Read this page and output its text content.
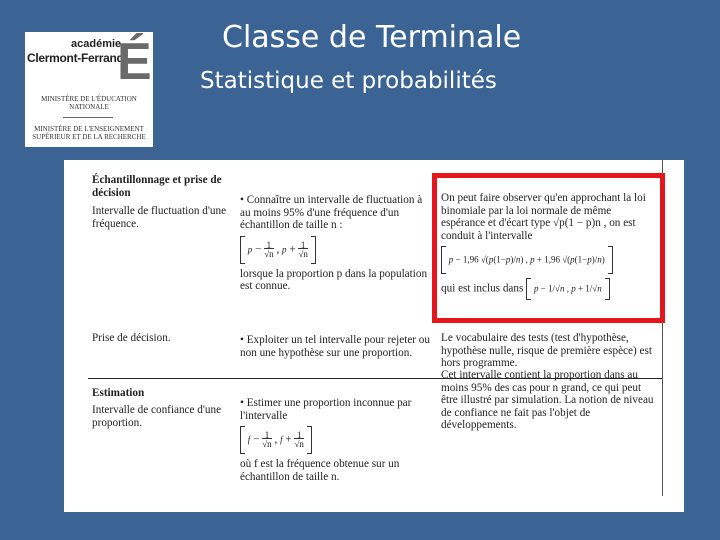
académie
Clermont-Ferrand
É
MINISTÈRE DE L'ÉDUCATION NATIONALE
MINISTÈRE DE L'ENSEIGNEMENT SUPÉRIEUR ET DE LA RECHERCHE
Classe de Terminale
Statistique et probabilités
Échantillonnage et prise de décision
Intervalle de fluctuation d'une fréquence.
• Connaître un intervalle de fluctuation à au moins 95% d'une fréquence d'un échantillon de taille n :
$p - \frac{1}{√n}$ , $p + \frac{1}{√n}$
lorsque la proportion p dans la population est connue.
On peut faire observer qu'en approchant la loi binomiale par la loi normale de même espérance et d'écart type √p(1 − p)n , on est conduit à l'intervalle
p − 1,96 √(p(1−p)/n) , p + 1,96 √(p(1−p)/n)
qui est inclus dans p − 1/√n , p + 1/√n
Prise de décision.	• Exploiter un tel intervalle pour rejeter ou non une hypothèse sur une proportion.
Le vocabulaire des tests (test d'hypothèse, hypothèse nulle, risque de première espèce) est hors programme.
Estimation
Intervalle de confiance d'une proportion.
• Estimer une proportion inconnue par l'intervalle
$f - \frac{1}{√n}$ , $f + \frac{1}{√n}$
où f est la fréquence obtenue sur un échantillon de taille n.
Cet intervalle contient la proportion dans au moins 95% des cas pour n grand, ce qui peut être illustré par simulation. La notion de niveau de confiance ne fait pas l'objet de développements.
